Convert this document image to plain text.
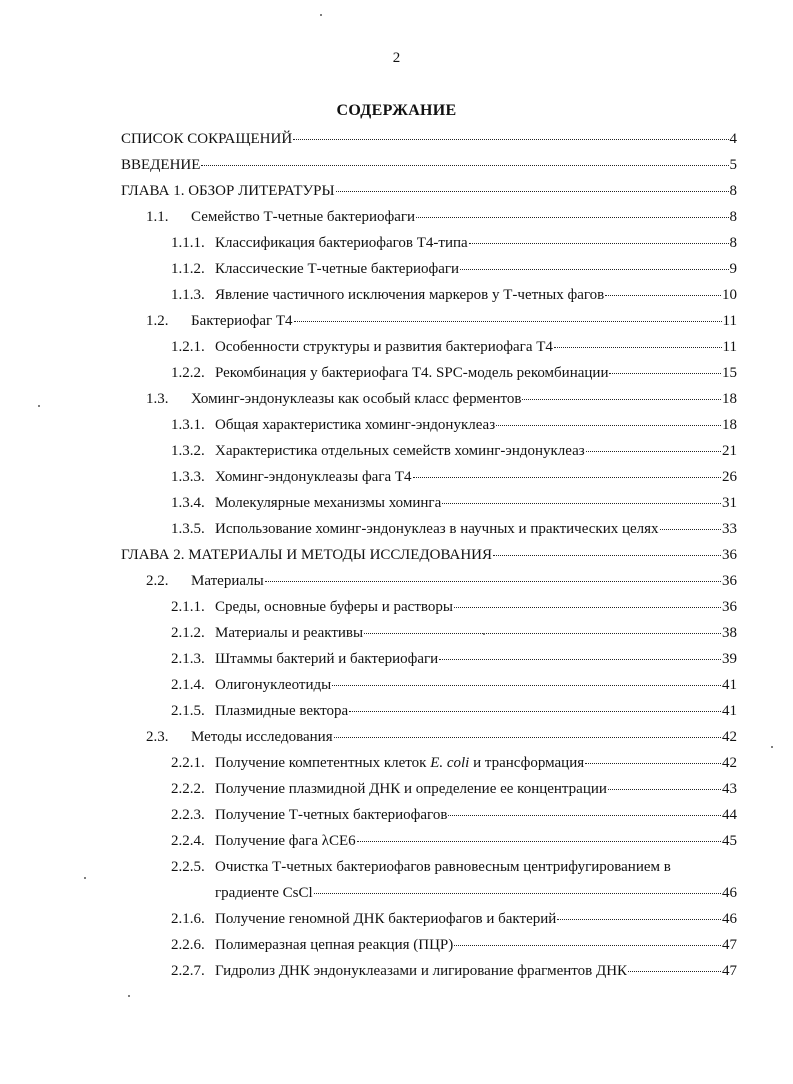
2
СОДЕРЖАНИЕ
СПИСОК СОКРАЩЕНИЙ	4
ВВЕДЕНИЕ	5
ГЛАВА 1. ОБЗОР ЛИТЕРАТУРЫ	8
1.1.	Семейство Т-четные бактериофаги	8
1.1.1. Классификация бактериофагов Т4-типа	8
1.1.2. Классические Т-четные бактериофаги	9
1.1.3. Явление частичного исключения маркеров у Т-четных фагов	10
1.2.	Бактериофаг Т4	11
1.2.1. Особенности структуры и развития бактериофага Т4	11
1.2.2. Рекомбинация у бактериофага Т4. SPC-модель рекомбинации	15
1.3.	Хоминг-эндонуклеазы как особый класс ферментов	18
1.3.1. Общая характеристика хоминг-эндонуклеаз	18
1.3.2. Характеристика отдельных семейств хоминг-эндонуклеаз	21
1.3.3. Хоминг-эндонуклеазы фага Т4	26
1.3.4. Молекулярные механизмы хоминга	31
1.3.5. Использование хоминг-эндонуклеаз в научных и практических целях	33
ГЛАВА 2. МАТЕРИАЛЫ И МЕТОДЫ ИССЛЕДОВАНИЯ	36
2.2.	Материалы	36
2.1.1. Среды, основные буферы и растворы	36
2.1.2. Материалы и реактивы	38
2.1.3. Штаммы бактерий и бактериофаги	39
2.1.4. Олигонуклеотиды	41
2.1.5. Плазмидные вектора	41
2.3.	Методы исследования	42
2.2.1. Получение компетентных клеток E. coli и трансформация	42
2.2.2. Получение плазмидной ДНК и определение ее концентрации	43
2.2.3. Получение Т-четных бактериофагов	44
2.2.4. Получение фага λCE6	45
2.2.5. Очистка Т-четных бактериофагов равновесным центрифугированием в
градиенте CsCl	46
2.1.6. Получение геномной ДНК бактериофагов и бактерий	46
2.2.6. Полимеразная цепная реакция (ПЦР)	47
2.2.7. Гидролиз ДНК эндонуклеазами и лигирование фрагментов ДНК	47
